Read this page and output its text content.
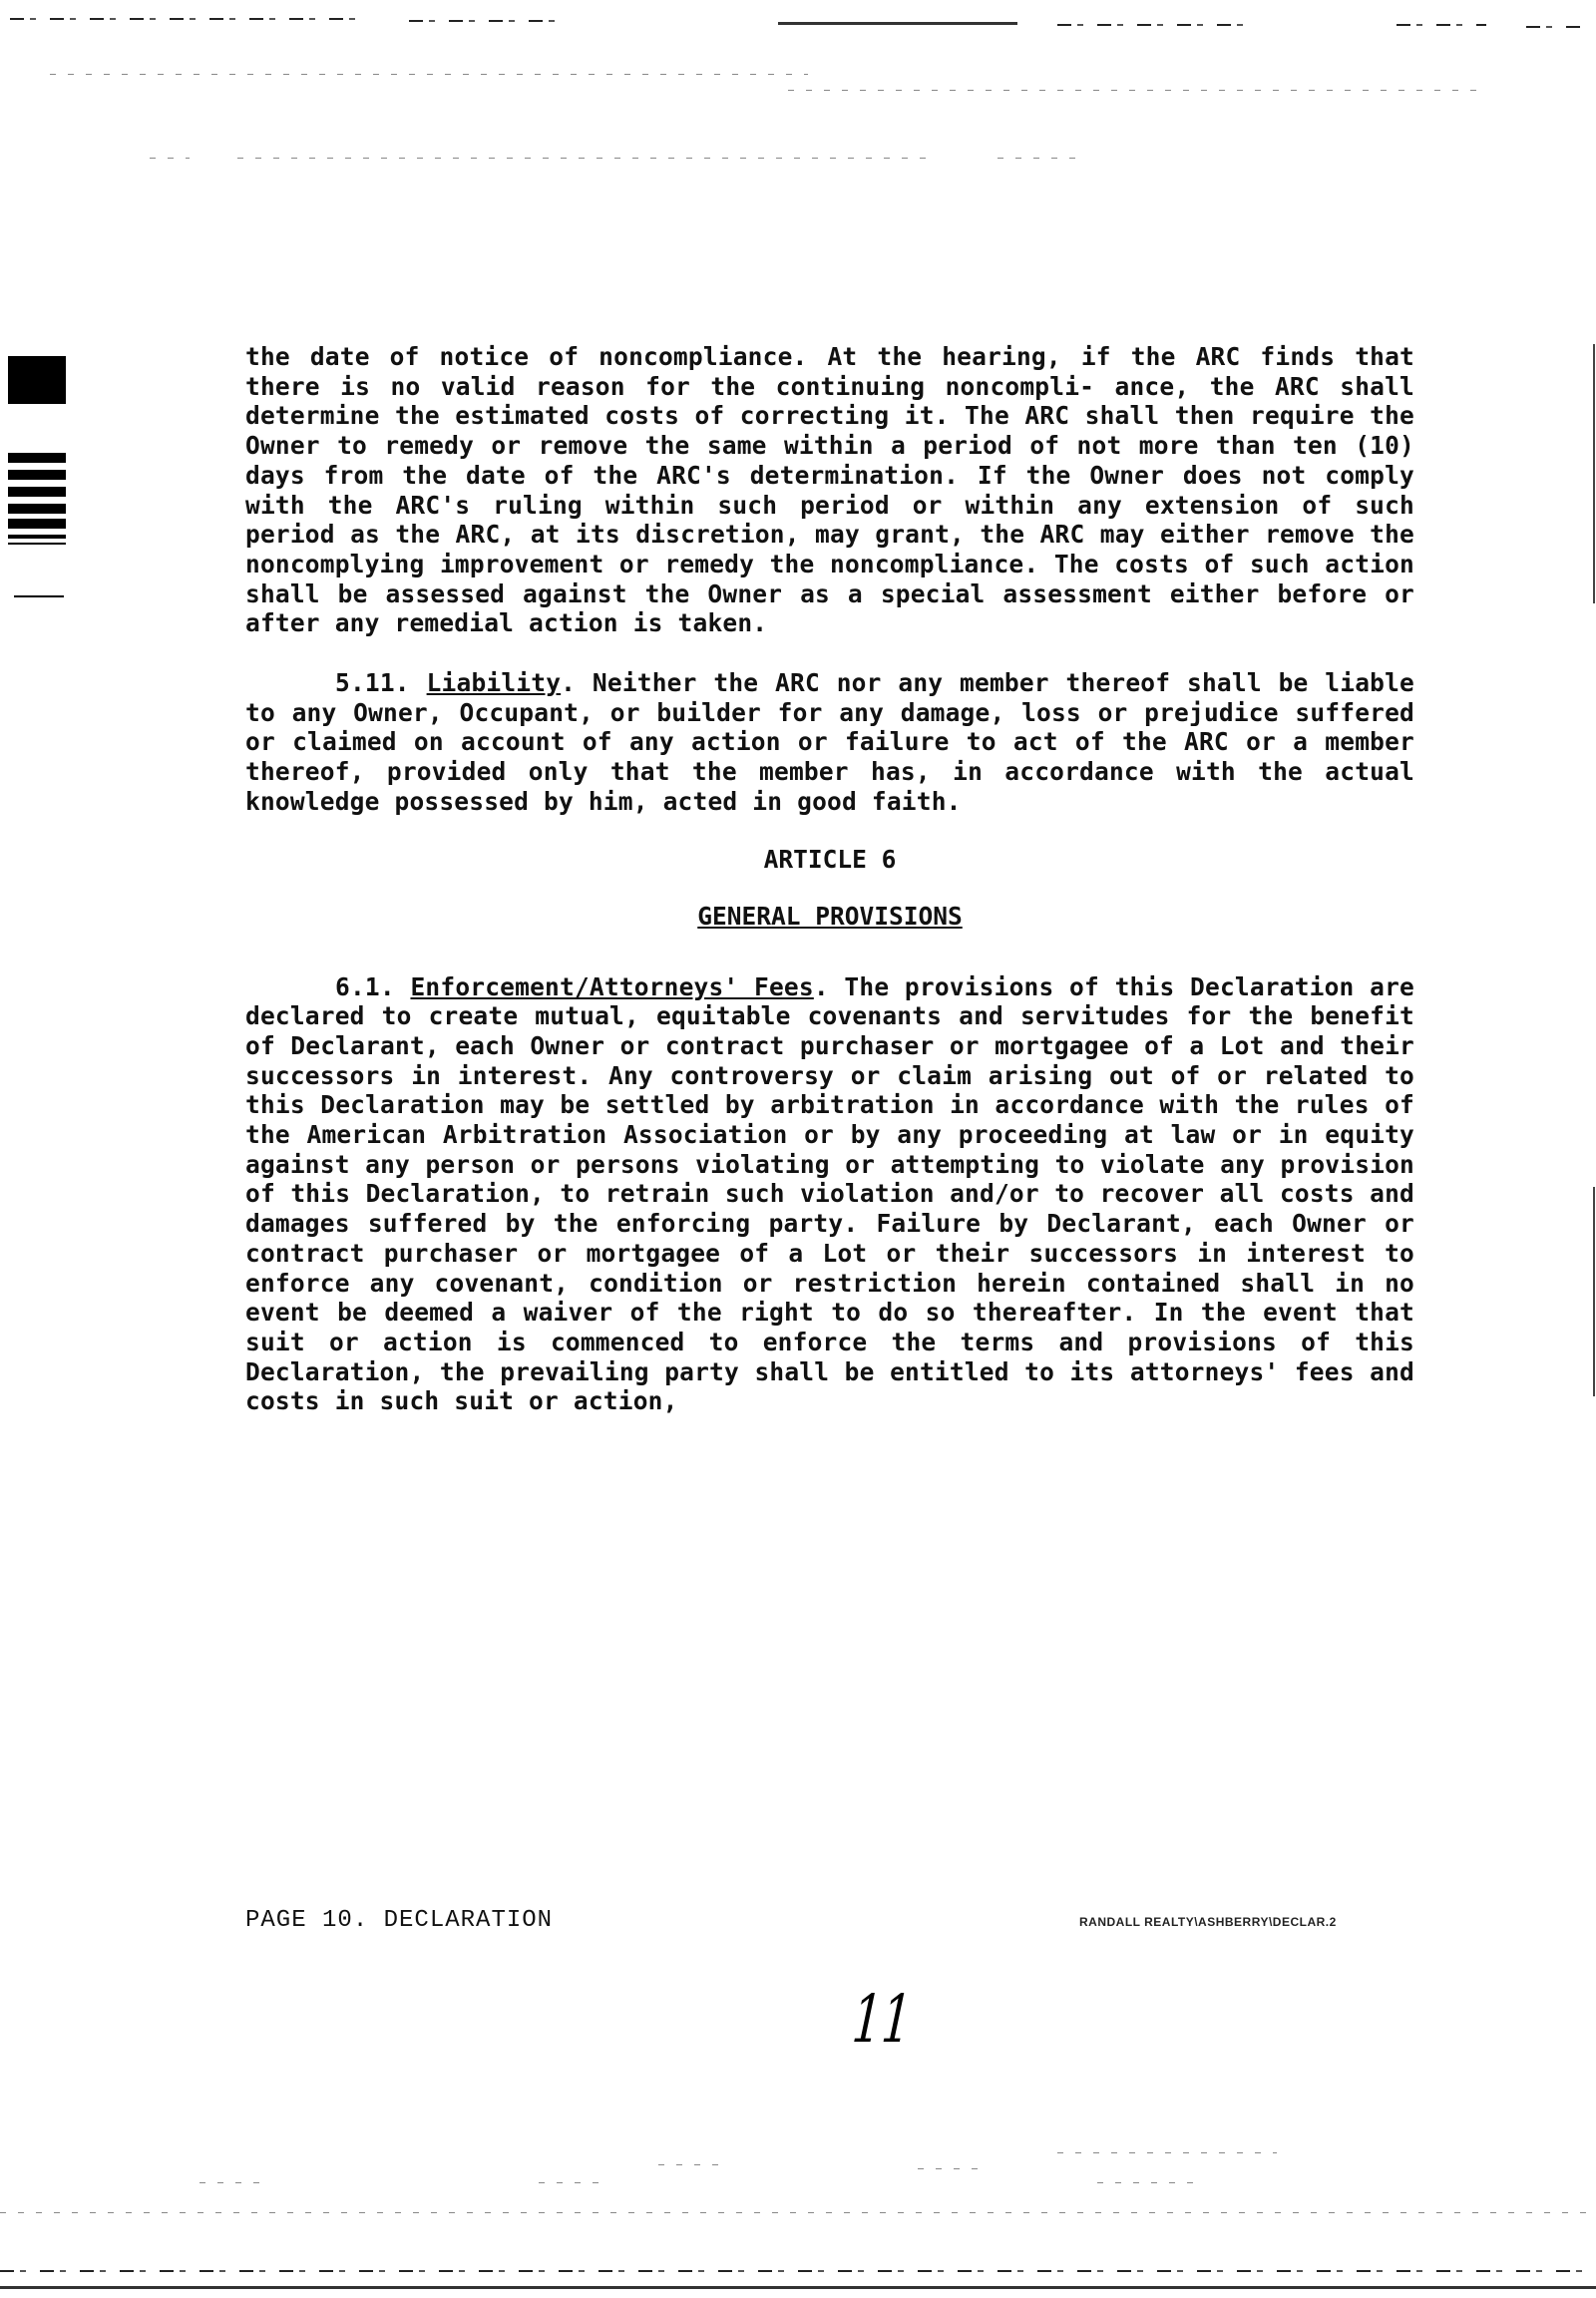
the date of notice of noncompliance. At the hearing, if the ARC finds that there is no valid reason for the continuing noncompli- ance, the ARC shall determine the estimated costs of correcting it. The ARC shall then require the Owner to remedy or remove the same within a period of not more than ten (10) days from the date of the ARC's determination. If the Owner does not comply with the ARC's ruling within such period or within any extension of such period as the ARC, at its discretion, may grant, the ARC may either remove the noncomplying improvement or remedy the noncompliance. The costs of such action shall be assessed against the Owner as a special assessment either before or after any remedial action is taken.

5.11. Liability. Neither the ARC nor any member thereof shall be liable to any Owner, Occupant, or builder for any damage, loss or prejudice suffered or claimed on account of any action or failure to act of the ARC or a member thereof, provided only that the member has, in accordance with the actual knowledge possessed by him, acted in good faith.

ARTICLE 6

GENERAL PROVISIONS

6.1. Enforcement/Attorneys' Fees. The provisions of this Declaration are declared to create mutual, equitable covenants and servitudes for the benefit of Declarant, each Owner or contract purchaser or mortgagee of a Lot and their successors in interest. Any controversy or claim arising out of or related to this Declaration may be settled by arbitration in accordance with the rules of the American Arbitration Association or by any proceeding at law or in equity against any person or persons violating or attempting to violate any provision of this Declaration, to retrain such violation and/or to recover all costs and damages suffered by the enforcing party. Failure by Declarant, each Owner or contract purchaser or mortgagee of a Lot or their successors in interest to enforce any covenant, condition or restriction herein contained shall in no event be deemed a waiver of the right to do so thereafter. In the event that suit or action is commenced to enforce the terms and provisions of this Declaration, the prevailing party shall be entitled to its attorneys' fees and costs in such suit or action,

PAGE 10. DECLARATION	RANDALL REALTY\ASHBERRY\DECLAR.2
11
